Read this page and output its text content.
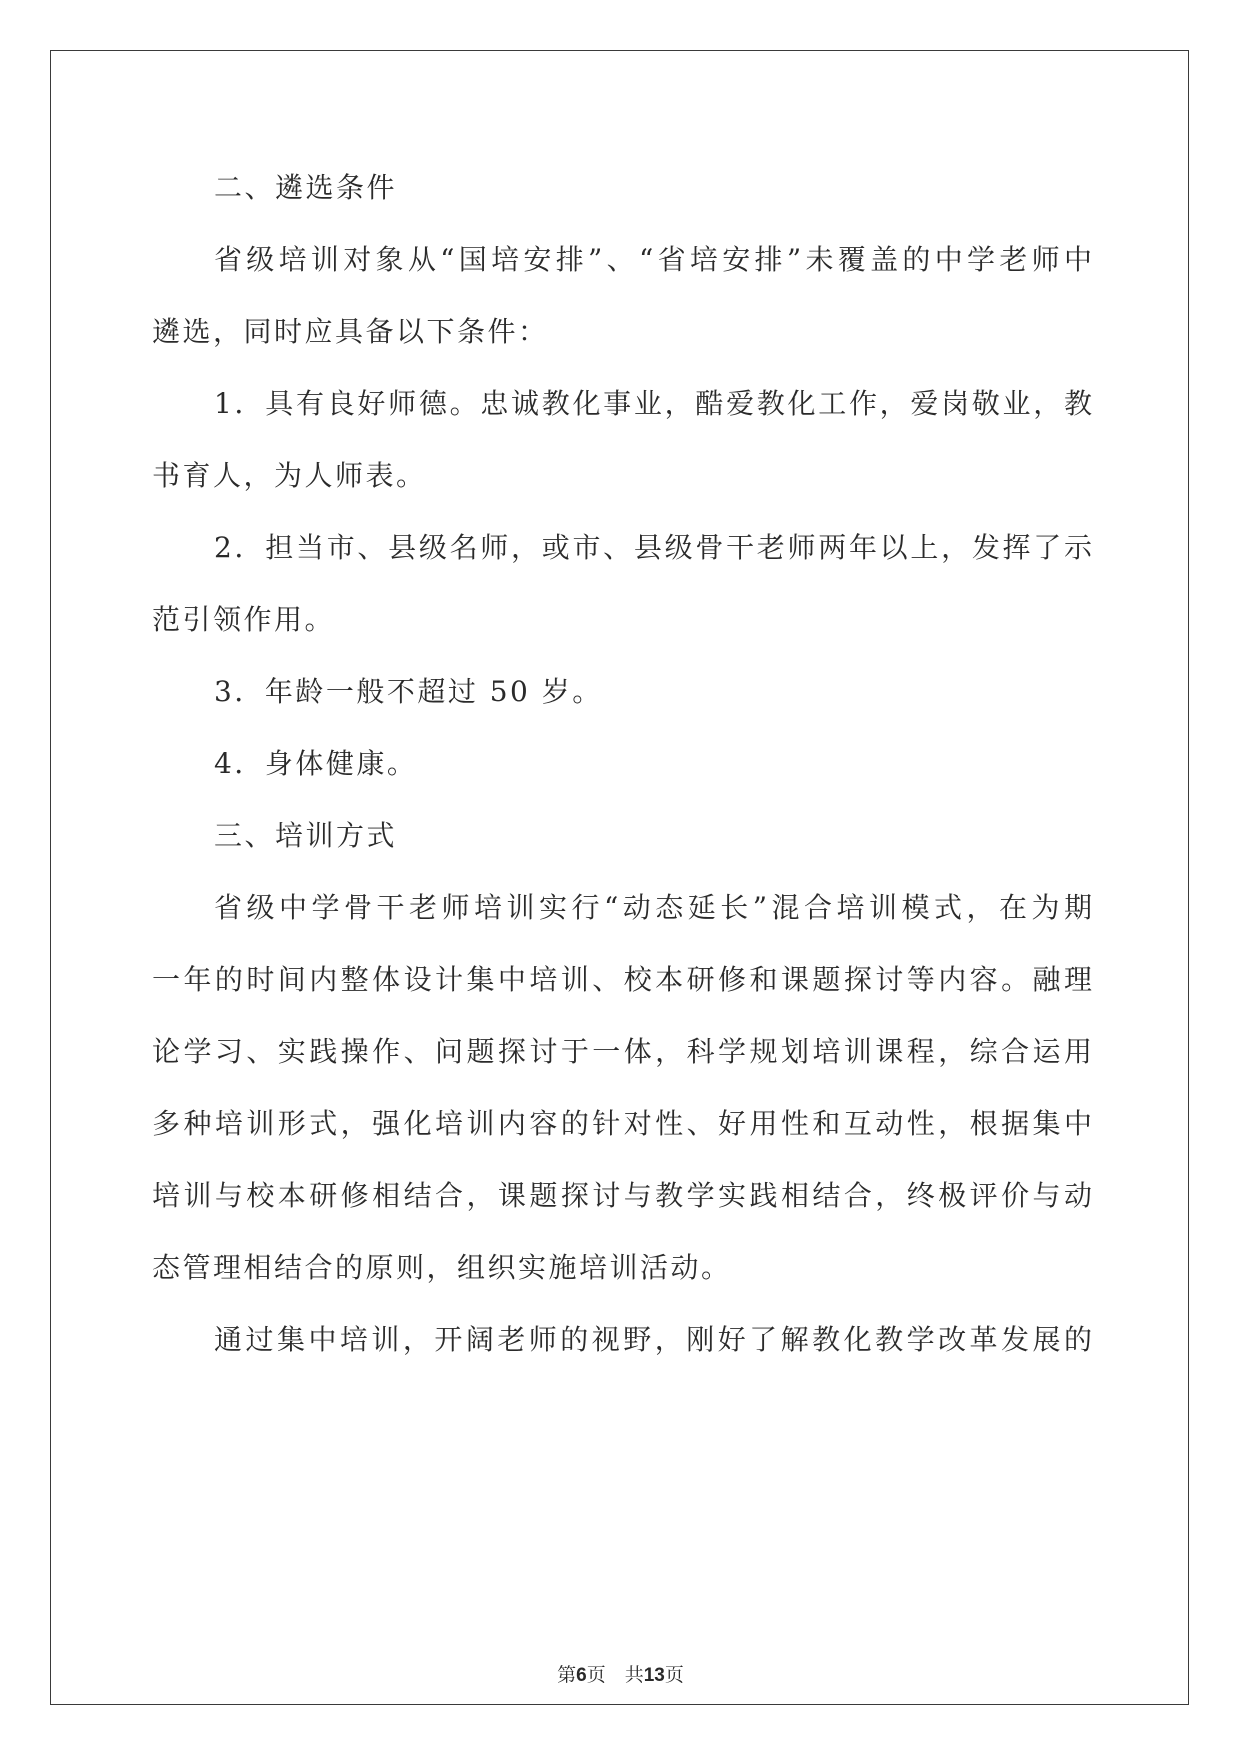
二、遴选条件
省级培训对象从“国培安排”、“省培安排”未覆盖的中学老师中
遴选，同时应具备以下条件：
1．具有良好师德。忠诚教化事业，酷爱教化工作，爱岗敬业，教
书育人，为人师表。
2．担当市、县级名师，或市、县级骨干老师两年以上，发挥了示
范引领作用。
3．年龄一般不超过 50 岁。
4．身体健康。
三、培训方式
省级中学骨干老师培训实行“动态延长”混合培训模式，在为期
一年的时间内整体设计集中培训、校本研修和课题探讨等内容。融理
论学习、实践操作、问题探讨于一体，科学规划培训课程，综合运用
多种培训形式，强化培训内容的针对性、好用性和互动性，根据集中
培训与校本研修相结合，课题探讨与教学实践相结合，终极评价与动
态管理相结合的原则，组织实施培训活动。
通过集中培训，开阔老师的视野，刚好了解教化教学改革发展的
第6页　共13页
